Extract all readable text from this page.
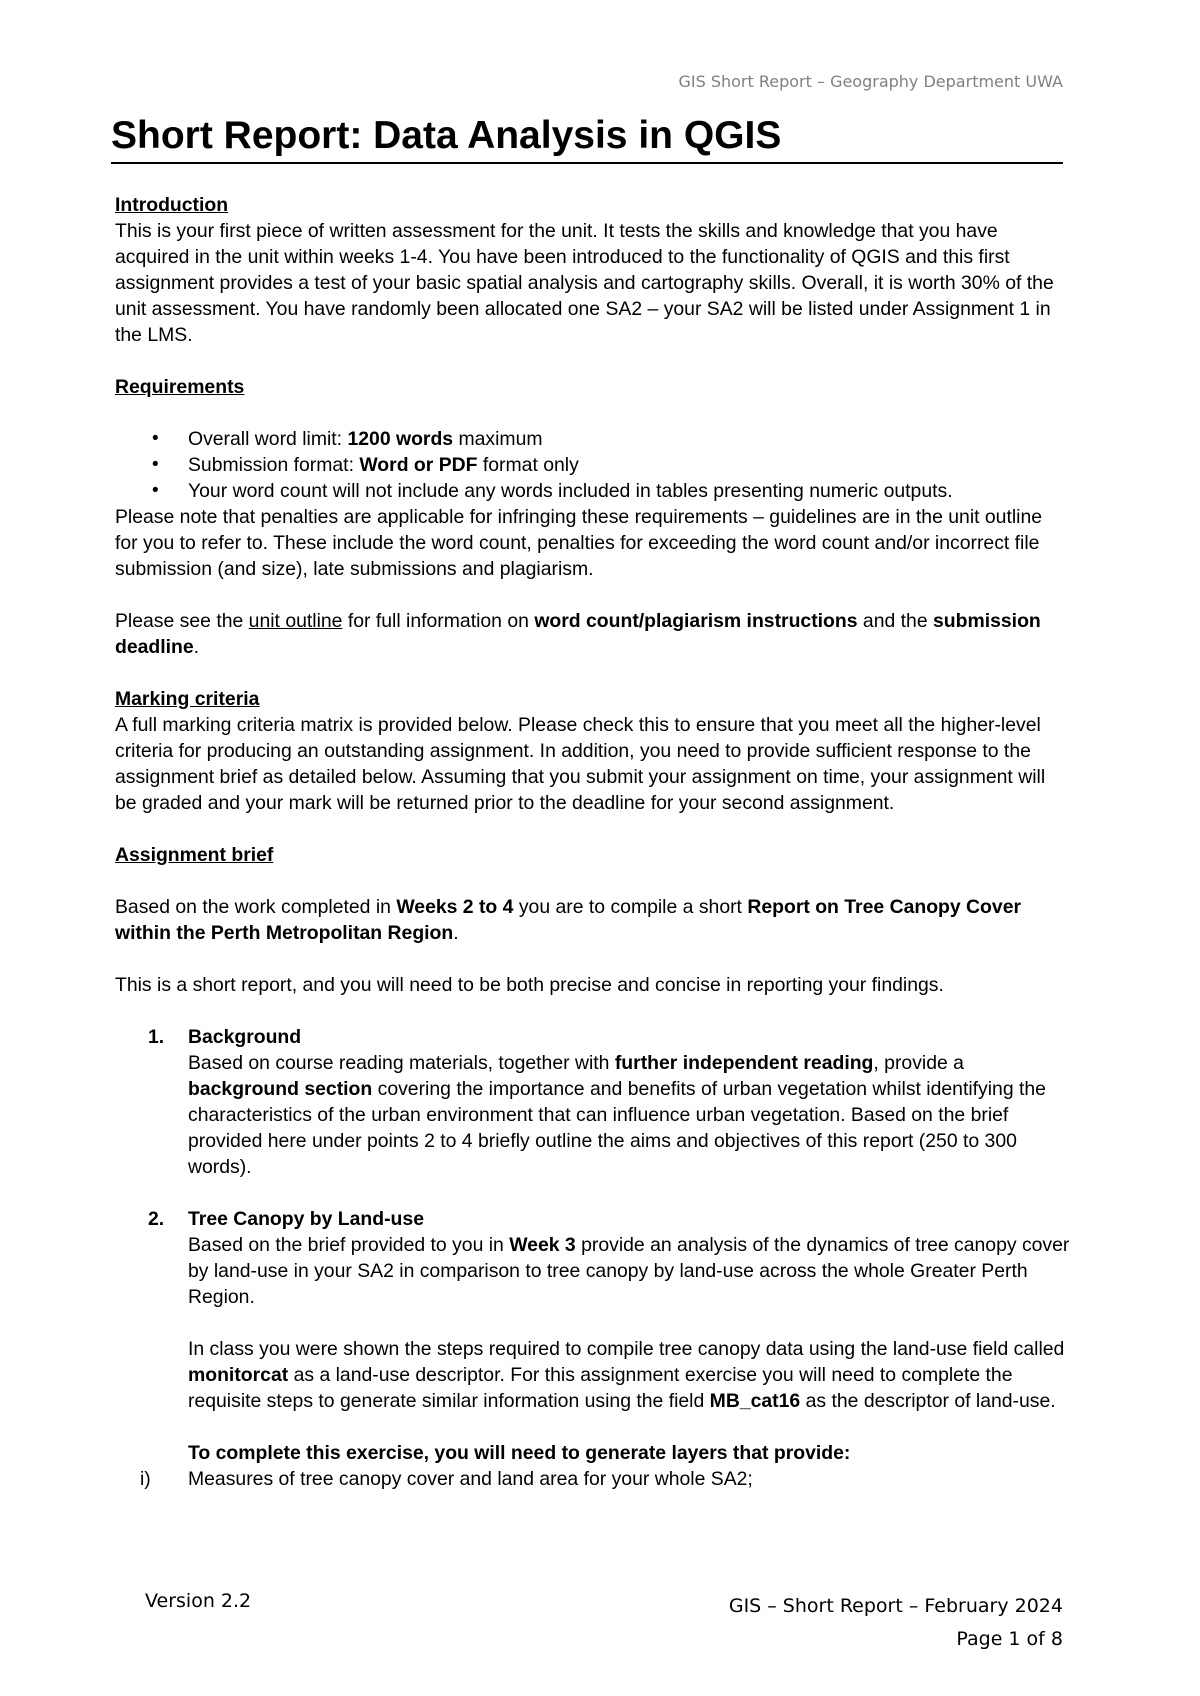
GIS Short Report – Geography Department UWA
Short Report: Data Analysis in QGIS

Introduction

This is your first piece of written assessment for the unit. It tests the skills and knowledge that you have acquired in the unit within weeks 1-4. You have been introduced to the functionality of QGIS and this first assignment provides a test of your basic spatial analysis and cartography skills. Overall, it is worth 30% of the unit assessment. You have randomly been allocated one SA2 – your SA2 will be listed under Assignment 1 in the LMS.

Requirements

• Overall word limit: 1200 words maximum
• Submission format: Word or PDF format only
• Your word count will not include any words included in tables presenting numeric outputs.

Please note that penalties are applicable for infringing these requirements – guidelines are in the unit outline for you to refer to. These include the word count, penalties for exceeding the word count and/or incorrect file submission (and size), late submissions and plagiarism.

Please see the unit outline for full information on word count/plagiarism instructions and the submission deadline.

Marking criteria

A full marking criteria matrix is provided below. Please check this to ensure that you meet all the higher-level criteria for producing an outstanding assignment. In addition, you need to provide sufficient response to the assignment brief as detailed below. Assuming that you submit your assignment on time, your assignment will be graded and your mark will be returned prior to the deadline for your second assignment.

Assignment brief

Based on the work completed in Weeks 2 to 4 you are to compile a short Report on Tree Canopy Cover within the Perth Metropolitan Region.

This is a short report, and you will need to be both precise and concise in reporting your findings.

1. Background
Based on course reading materials, together with further independent reading, provide a background section covering the importance and benefits of urban vegetation whilst identifying the characteristics of the urban environment that can influence urban vegetation. Based on the brief provided here under points 2 to 4 briefly outline the aims and objectives of this report (250 to 300 words).
2. Tree Canopy by Land-use
Based on the brief provided to you in Week 3 provide an analysis of the dynamics of tree canopy cover by land-use in your SA2 in comparison to tree canopy by land-use across the whole Greater Perth Region.

In class you were shown the steps required to compile tree canopy data using the land-use field called monitorcat as a land-use descriptor. For this assignment exercise you will need to complete the requisite steps to generate similar information using the field MB_cat16 as the descriptor of land-use.

To complete this exercise, you will need to generate layers that provide:

i) Measures of tree canopy cover and land area for your whole SA2;
Version 2.2	GIS – Short Report – February 2024
Page 1 of 8
